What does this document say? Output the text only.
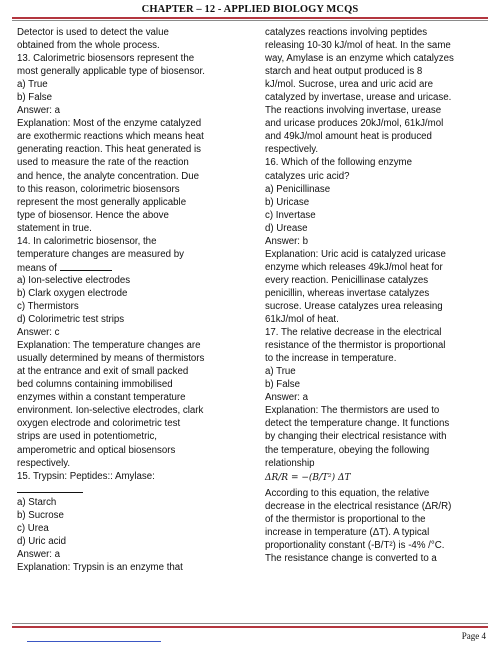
CHAPTER – 12 - APPLIED BIOLOGY MCQS
Detector is used to detect the value
obtained from the whole process.
13. Calorimetric biosensors represent the
most generally applicable type of biosensor.
a) True
b) False
Answer: a
Explanation: Most of the enzyme catalyzed
are exothermic reactions which means heat
generating reaction. This heat generated is
used to measure the rate of the reaction
and hence, the analyte concentration. Due
to this reason, colorimetric biosensors
represent the most generally applicable
type of biosensor. Hence the above
statement in true.
14. In calorimetric biosensor, the
temperature changes are measured by
means of
a) Ion-selective electrodes
b) Clark oxygen electrode
c) Thermistors
d) Colorimetric test strips
Answer: c
Explanation: The temperature changes are
usually determined by means of thermistors
at the entrance and exit of small packed
bed columns containing immobilised
enzymes within a constant temperature
environment. Ion-selective electrodes, clark
oxygen electrode and colorimetric test
strips are used in potentiometric,
amperometric and optical biosensors
respectively.
15. Trypsin: Peptides:: Amylase:
a) Starch
b) Sucrose
c) Urea
d) Uric acid
Answer: a
Explanation: Trypsin is an enzyme that
catalyzes reactions involving peptides
releasing 10-30 kJ/mol of heat. In the same
way, Amylase is an enzyme which catalyzes
starch and heat output produced is 8
kJ/mol. Sucrose, urea and uric acid are
catalyzed by invertase, urease and uricase.
The reactions involving invertase, urease
and uricase produces 20kJ/mol, 61kJ/mol
and 49kJ/mol amount heat is produced
respectively.
16. Which of the following enzyme
catalyzes uric acid?
a) Penicillinase
b) Uricase
c) Invertase
d) Urease
Answer: b
Explanation: Uric acid is catalyzed uricase
enzyme which releases 49kJ/mol heat for
every reaction. Penicillinase catalyzes
penicillin, whereas invertase catalyzes
sucrose. Urease catalyzes urea releasing
61kJ/mol of heat.
17. The relative decrease in the electrical
resistance of the thermistor is proportional
to the increase in temperature.
a) True
b) False
Answer: a
Explanation: The thermistors are used to
detect the temperature change. It functions
by changing their electrical resistance with
the temperature, obeying the following
relationship
ΔR/R = −(B/T²) ΔT
According to this equation, the relative
decrease in the electrical resistance (ΔR/R)
of the thermistor is proportional to the
increase in temperature (ΔT). A typical
proportionality constant (-B/T²) is -4% /°C.
The resistance change is converted to a
Page 4
